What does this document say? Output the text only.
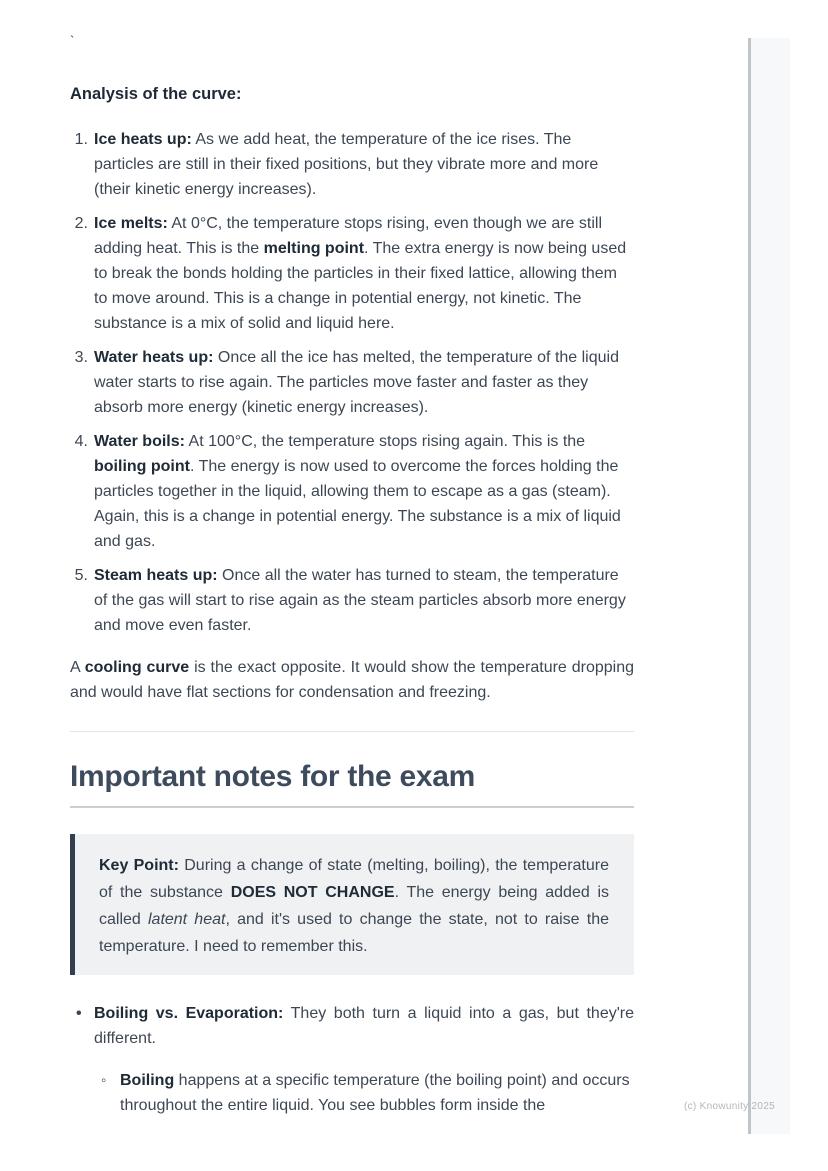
`
Analysis of the curve:
1. Ice heats up: As we add heat, the temperature of the ice rises. The particles are still in their fixed positions, but they vibrate more and more (their kinetic energy increases).
2. Ice melts: At 0°C, the temperature stops rising, even though we are still adding heat. This is the melting point. The extra energy is now being used to break the bonds holding the particles in their fixed lattice, allowing them to move around. This is a change in potential energy, not kinetic. The substance is a mix of solid and liquid here.
3. Water heats up: Once all the ice has melted, the temperature of the liquid water starts to rise again. The particles move faster and faster as they absorb more energy (kinetic energy increases).
4. Water boils: At 100°C, the temperature stops rising again. This is the boiling point. The energy is now used to overcome the forces holding the particles together in the liquid, allowing them to escape as a gas (steam). Again, this is a change in potential energy. The substance is a mix of liquid and gas.
5. Steam heats up: Once all the water has turned to steam, the temperature of the gas will start to rise again as the steam particles absorb more energy and move even faster.

A cooling curve is the exact opposite. It would show the temperature dropping and would have flat sections for condensation and freezing.

Important notes for the exam

Key Point: During a change of state (melting, boiling), the temperature of the substance DOES NOT CHANGE. The energy being added is called latent heat, and it's used to change the state, not to raise the temperature. I need to remember this.

• Boiling vs. Evaporation: They both turn a liquid into a gas, but they're different.
◦ Boiling happens at a specific temperature (the boiling point) and occurs throughout the entire liquid. You see bubbles form inside the	(c) Knowunity 2025
